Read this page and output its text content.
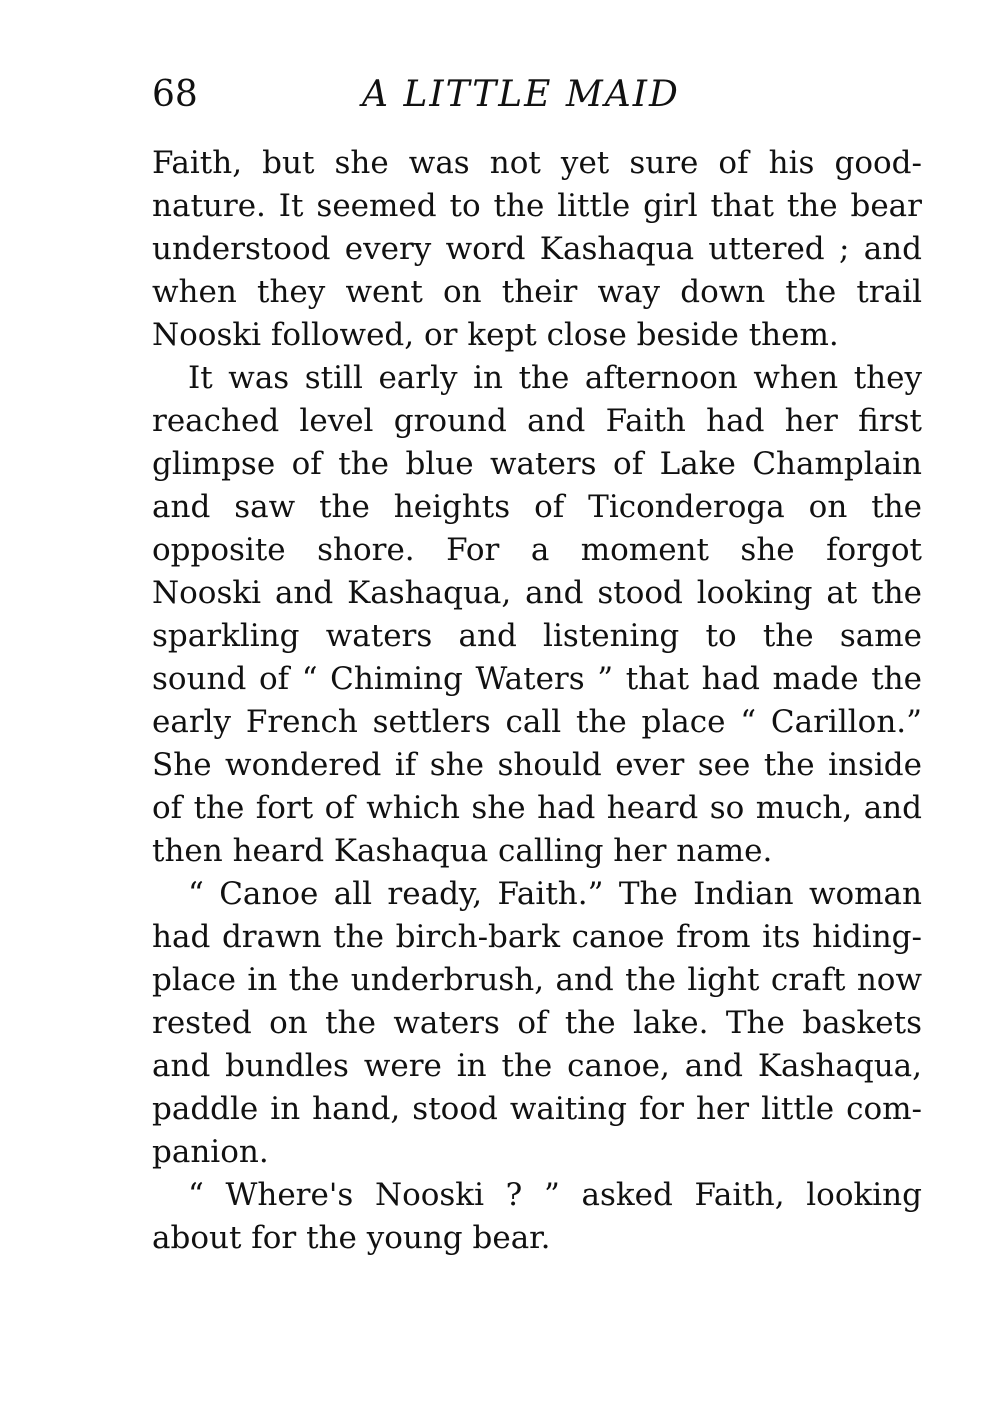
68	A LITTLE MAID
Faith, but she was not yet sure of his good-
nature. It seemed to the little girl that the bear
understood every word Kashaqua uttered ; and
when they went on their way down the trail
Nooski followed, or kept close beside them.
It was still early in the afternoon when they
reached level ground and Faith had her first
glimpse of the blue waters of Lake Champlain
and saw the heights of Ticonderoga on the
opposite shore. For a moment she forgot
Nooski and Kashaqua, and stood looking at the
sparkling waters and listening to the same
sound of “ Chiming Waters ” that had made the
early French settlers call the place “ Carillon.”
She wondered if she should ever see the inside
of the fort of which she had heard so much, and
then heard Kashaqua calling her name.
“ Canoe all ready, Faith.” The Indian woman
had drawn the birch-bark canoe from its hiding-
place in the underbrush, and the light craft now
rested on the waters of the lake. The baskets
and bundles were in the canoe, and Kashaqua,
paddle in hand, stood waiting for her little com-
panion.
“ Where's Nooski ? ” asked Faith, looking
about for the young bear.
